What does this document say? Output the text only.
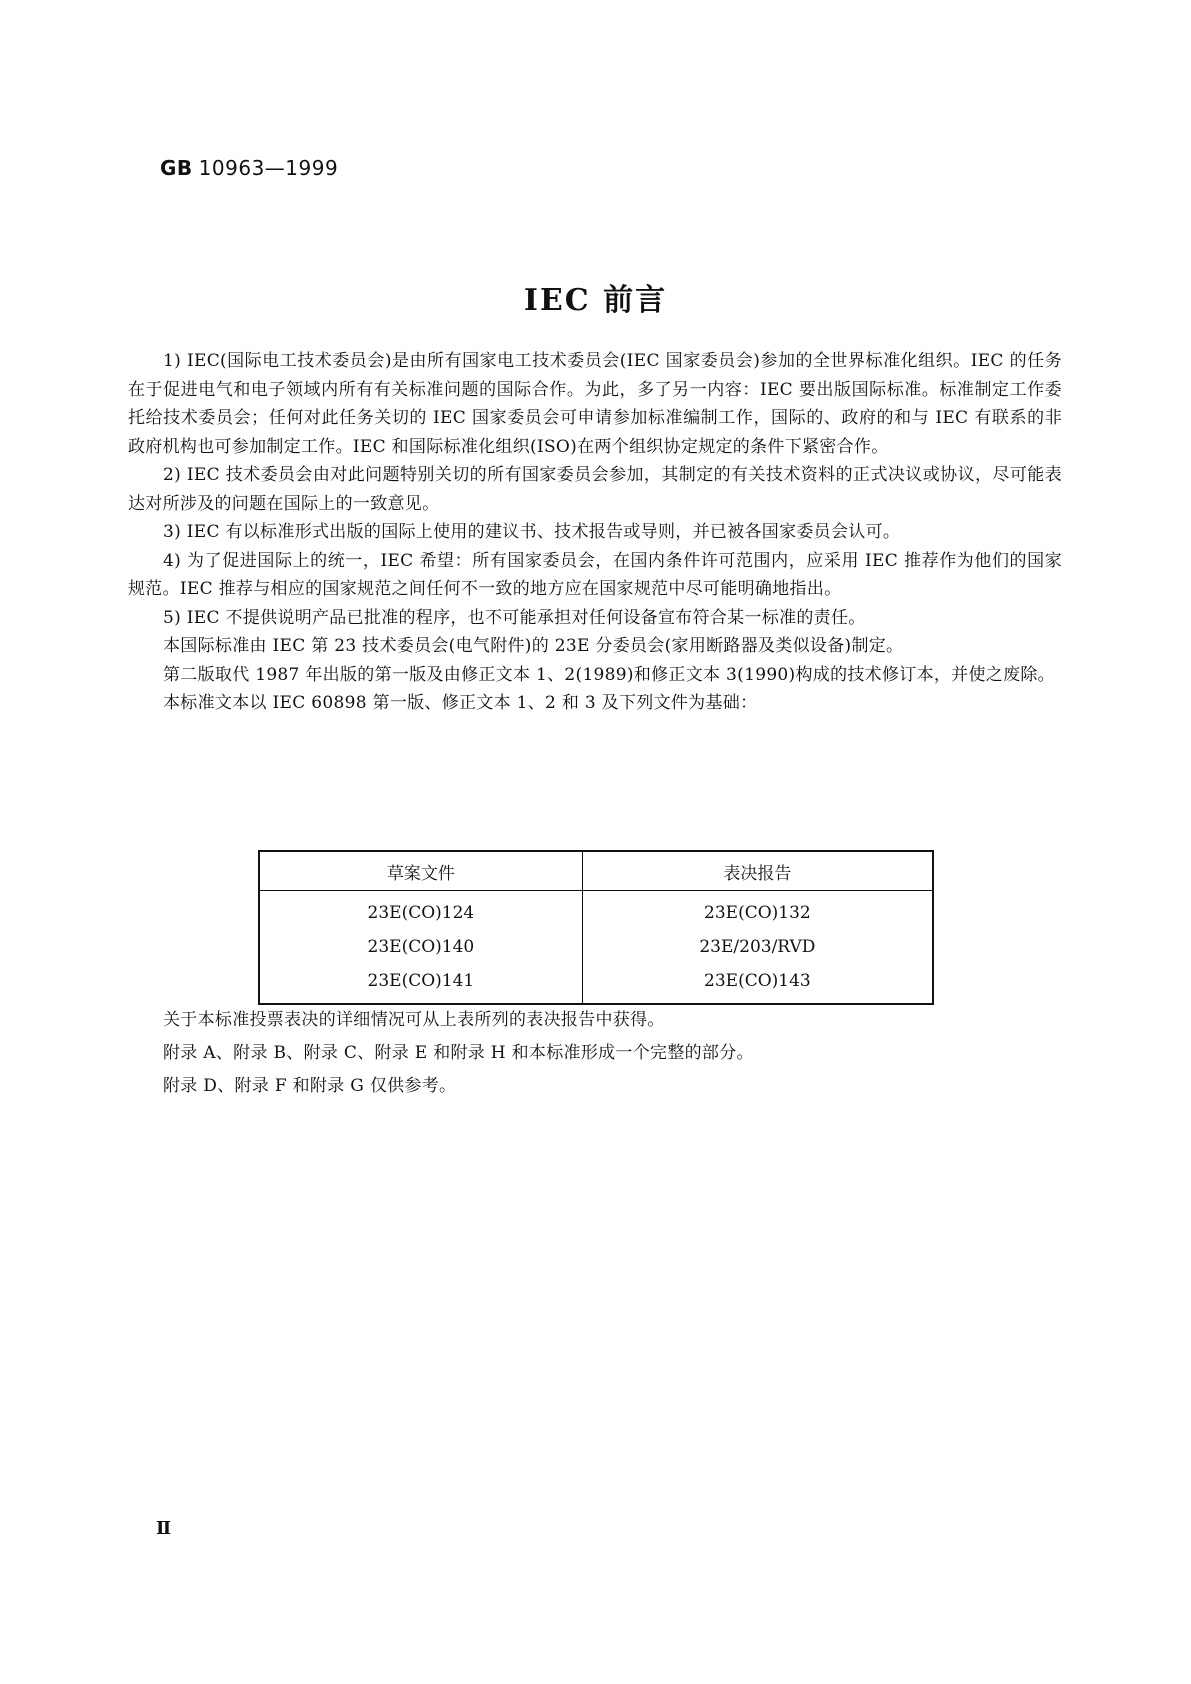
GB 10963—1999
IEC 前言

1) IEC(国际电工技术委员会)是由所有国家电工技术委员会(IEC 国家委员会)参加的全世界标准化组织。IEC 的任务在于促进电气和电子领域内所有有关标准问题的国际合作。为此，多了另一内容：IEC 要出版国际标准。标准制定工作委托给技术委员会；任何对此任务关切的 IEC 国家委员会可申请参加标准编制工作，国际的、政府的和与 IEC 有联系的非政府机构也可参加制定工作。IEC 和国际标准化组织(ISO)在两个组织协定规定的条件下紧密合作。

2) IEC 技术委员会由对此问题特别关切的所有国家委员会参加，其制定的有关技术资料的正式决议或协议，尽可能表达对所涉及的问题在国际上的一致意见。

3) IEC 有以标准形式出版的国际上使用的建议书、技术报告或导则，并已被各国家委员会认可。

4) 为了促进国际上的统一，IEC 希望：所有国家委员会，在国内条件许可范围内，应采用 IEC 推荐作为他们的国家规范。IEC 推荐与相应的国家规范之间任何不一致的地方应在国家规范中尽可能明确地指出。

5) IEC 不提供说明产品已批准的程序，也不可能承担对任何设备宣布符合某一标准的责任。

本国际标准由 IEC 第 23 技术委员会(电气附件)的 23E 分委员会(家用断路器及类似设备)制定。

第二版取代 1987 年出版的第一版及由修正文本 1、2(1989)和修正文本 3(1990)构成的技术修订本，并使之废除。

本标准文本以 IEC 60898 第一版、修正文本 1、2 和 3 及下列文件为基础：

草案文件	表决报告
23E(CO)124	23E(CO)132
23E(CO)140	23E/203/RVD
23E(CO)141	23E(CO)143

关于本标准投票表决的详细情况可从上表所列的表决报告中获得。

附录 A、附录 B、附录 C、附录 E 和附录 H 和本标准形成一个完整的部分。

附录 D、附录 F 和附录 G 仅供参考。

Ⅱ
